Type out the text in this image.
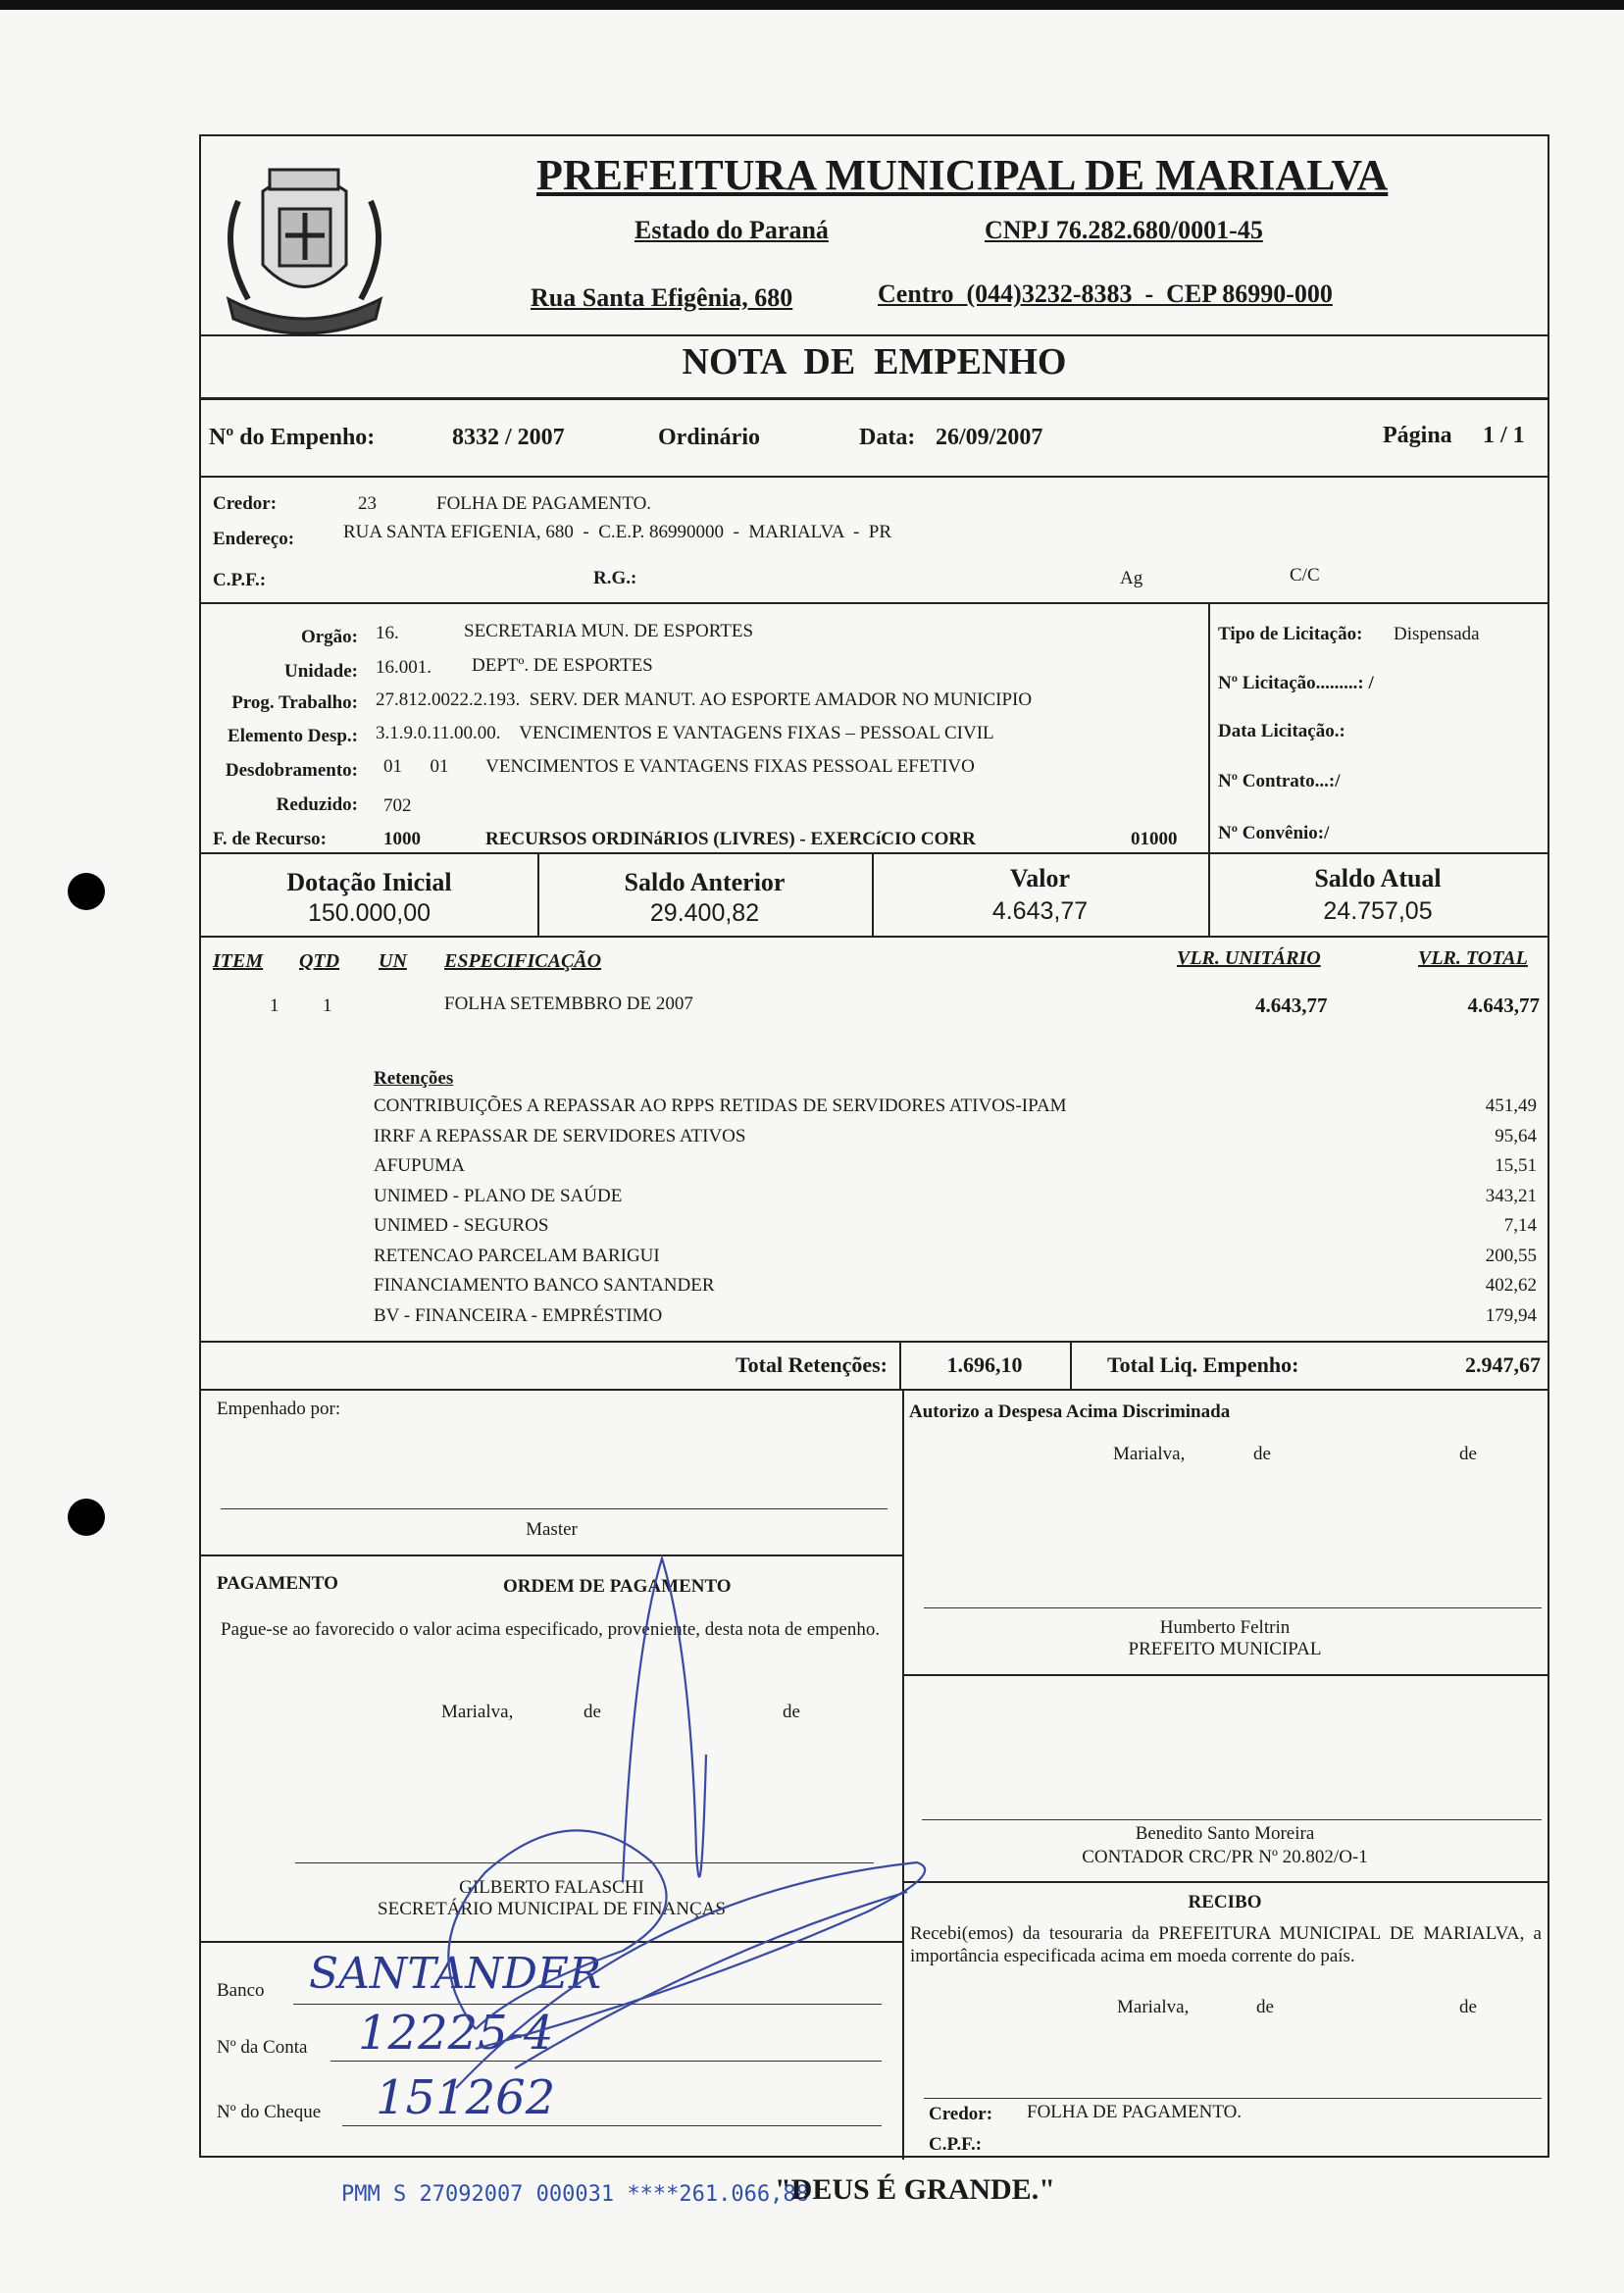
PREFEITURA MUNICIPAL DE MARIALVA
Estado do Paraná	CNPJ 76.282.680/0001-45
Rua Santa Efigênia, 680	Centro  (044)3232-8383  -  CEP 86990-000
NOTA  DE  EMPENHO
Nº do Empenho:	8332 / 2007	Ordinário	Data: 26/09/2007	Página 1 / 1
Credor:	23	FOLHA DE PAGAMENTO.
Endereço:	RUA SANTA EFIGENIA, 680  -  C.E.P. 86990000  -  MARIALVA  -  PR
C.P.F.:	R.G.:	Ag	C/C
Orgão: 16.	SECRETARIA MUN. DE ESPORTES
Unidade: 16.001. DEPTº. DE ESPORTES
Prog. Trabalho: 27.812.0022.2.193.  SERV. DER MANUT. AO ESPORTE AMADOR NO MUNICIPIO
Elemento Desp.: 3.1.9.0.11.00.00.    VENCIMENTOS E VANTAGENS FIXAS – PESSOAL CIVIL
Desdobramento: 01      01        VENCIMENTOS E VANTAGENS FIXAS PESSOAL EFETIVO
Reduzido: 702
F. de Recurso:	1000	RECURSOS ORDINáRIOS (LIVRES) - EXERCíCIO CORR	01000
Tipo de Licitação: Dispensada
Nº Licitação.........: /
Data Licitação.:
Nº Contrato...:/
Nº Convênio:/
Dotação Inicial
150.000,00
Saldo Anterior
29.400,82
Valor
4.643,77
Saldo Atual
24.757,05
ITEM QTD UN ESPECIFICAÇÃO	VLR. UNITÁRIO	VLR. TOTAL
1 1	FOLHA SETEMBBRO DE 2007	4.643,77	4.643,77
Retenções
CONTRIBUIÇÕES A REPASSAR AO RPPS RETIDAS DE SERVIDORES ATIVOS-IPAM	451,49
IRRF A REPASSAR DE SERVIDORES ATIVOS	95,64
AFUPUMA	15,51
UNIMED - PLANO DE SAÚDE	343,21
UNIMED - SEGUROS	7,14
RETENCAO PARCELAM BARIGUI	200,55
FINANCIAMENTO BANCO SANTANDER	402,62
BV - FINANCEIRA - EMPRÉSTIMO	179,94
Total Retenções:	1.696,10	Total Liq. Empenho:	2.947,67
Empenhado por:
Master
PAGAMENTO	ORDEM DE PAGAMENTO
Pague-se ao favorecido o valor acima especificado, proveniente, desta nota de empenho.
Marialva,	de	de
GILBERTO FALASCHI
SECRETÁRIO MUNICIPAL DE FINANÇAS
Banco SANTANDER
Nº da Conta 12225-4
Nº do Cheque 151262
Autorizo a Despesa Acima Discriminada
Marialva,	de	de
Humberto Feltrin
PREFEITO MUNICIPAL
Benedito Santo Moreira
CONTADOR CRC/PR Nº 20.802/O-1
RECIBO
Recebi(emos) da tesouraria da PREFEITURA MUNICIPAL DE MARIALVA, a importância especificada acima em moeda corrente do país.
Marialva,	de	de
Credor: FOLHA DE PAGAMENTO.
C.P.F.:
PMM S 27092007 000031 ****261.066,88
"DEUS É GRANDE."
